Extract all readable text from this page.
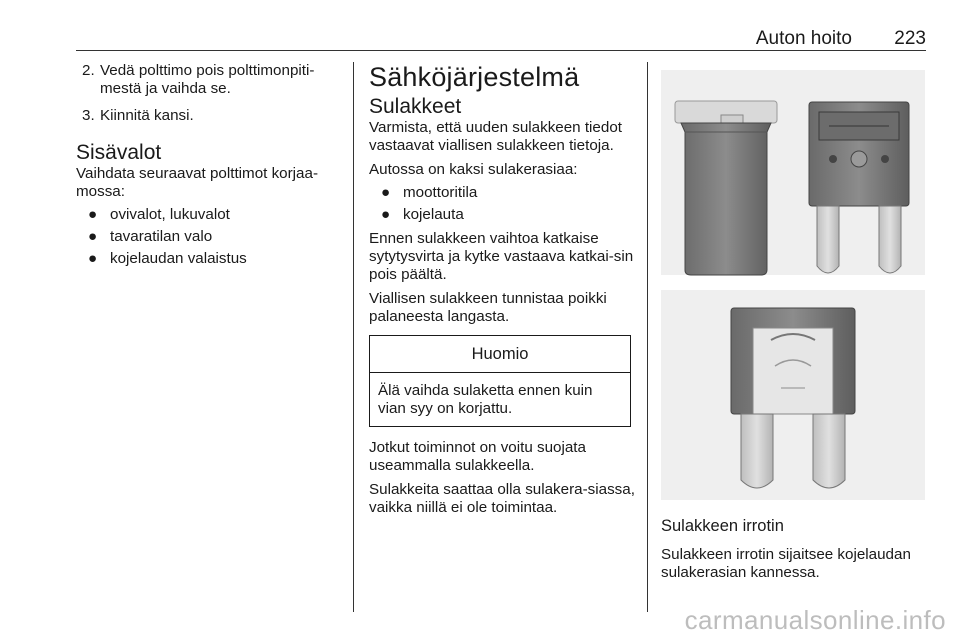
Auton hoito 223

2. Vedä polttimo pois polttimonpiti-mestä ja vaihda se.

3. Kiinnitä kansi.

Sisävalot

Vaihdata seuraavat polttimot korjaa-mossa:

● ovivalot, lukuvalot
● tavaratilan valo
● kojelaudan valaistus
Sähköjärjestelmä
Sulakkeet

Varmista, että uuden sulakkeen tiedot vastaavat viallisen sulakkeen tietoja.

Autossa on kaksi sulakerasiaa:

● moottoritila
● kojelauta

Ennen sulakkeen vaihtoa katkaise sytytysvirta ja kytke vastaava katkai-sin pois päältä.

Viallisen sulakkeen tunnistaa poikki palaneesta langasta.

Huomio
Älä vaihda sulaketta ennen kuin vian syy on korjattu.

Jotkut toiminnot on voitu suojata useammalla sulakkeella.

Sulakkeita saattaa olla sulakera-siassa, vaikka niillä ei ole toimintaa.

Sulakkeen irrotin

Sulakkeen irrotin sijaitsee kojelaudan sulakerasian kannessa.

carmanualsonline.info
